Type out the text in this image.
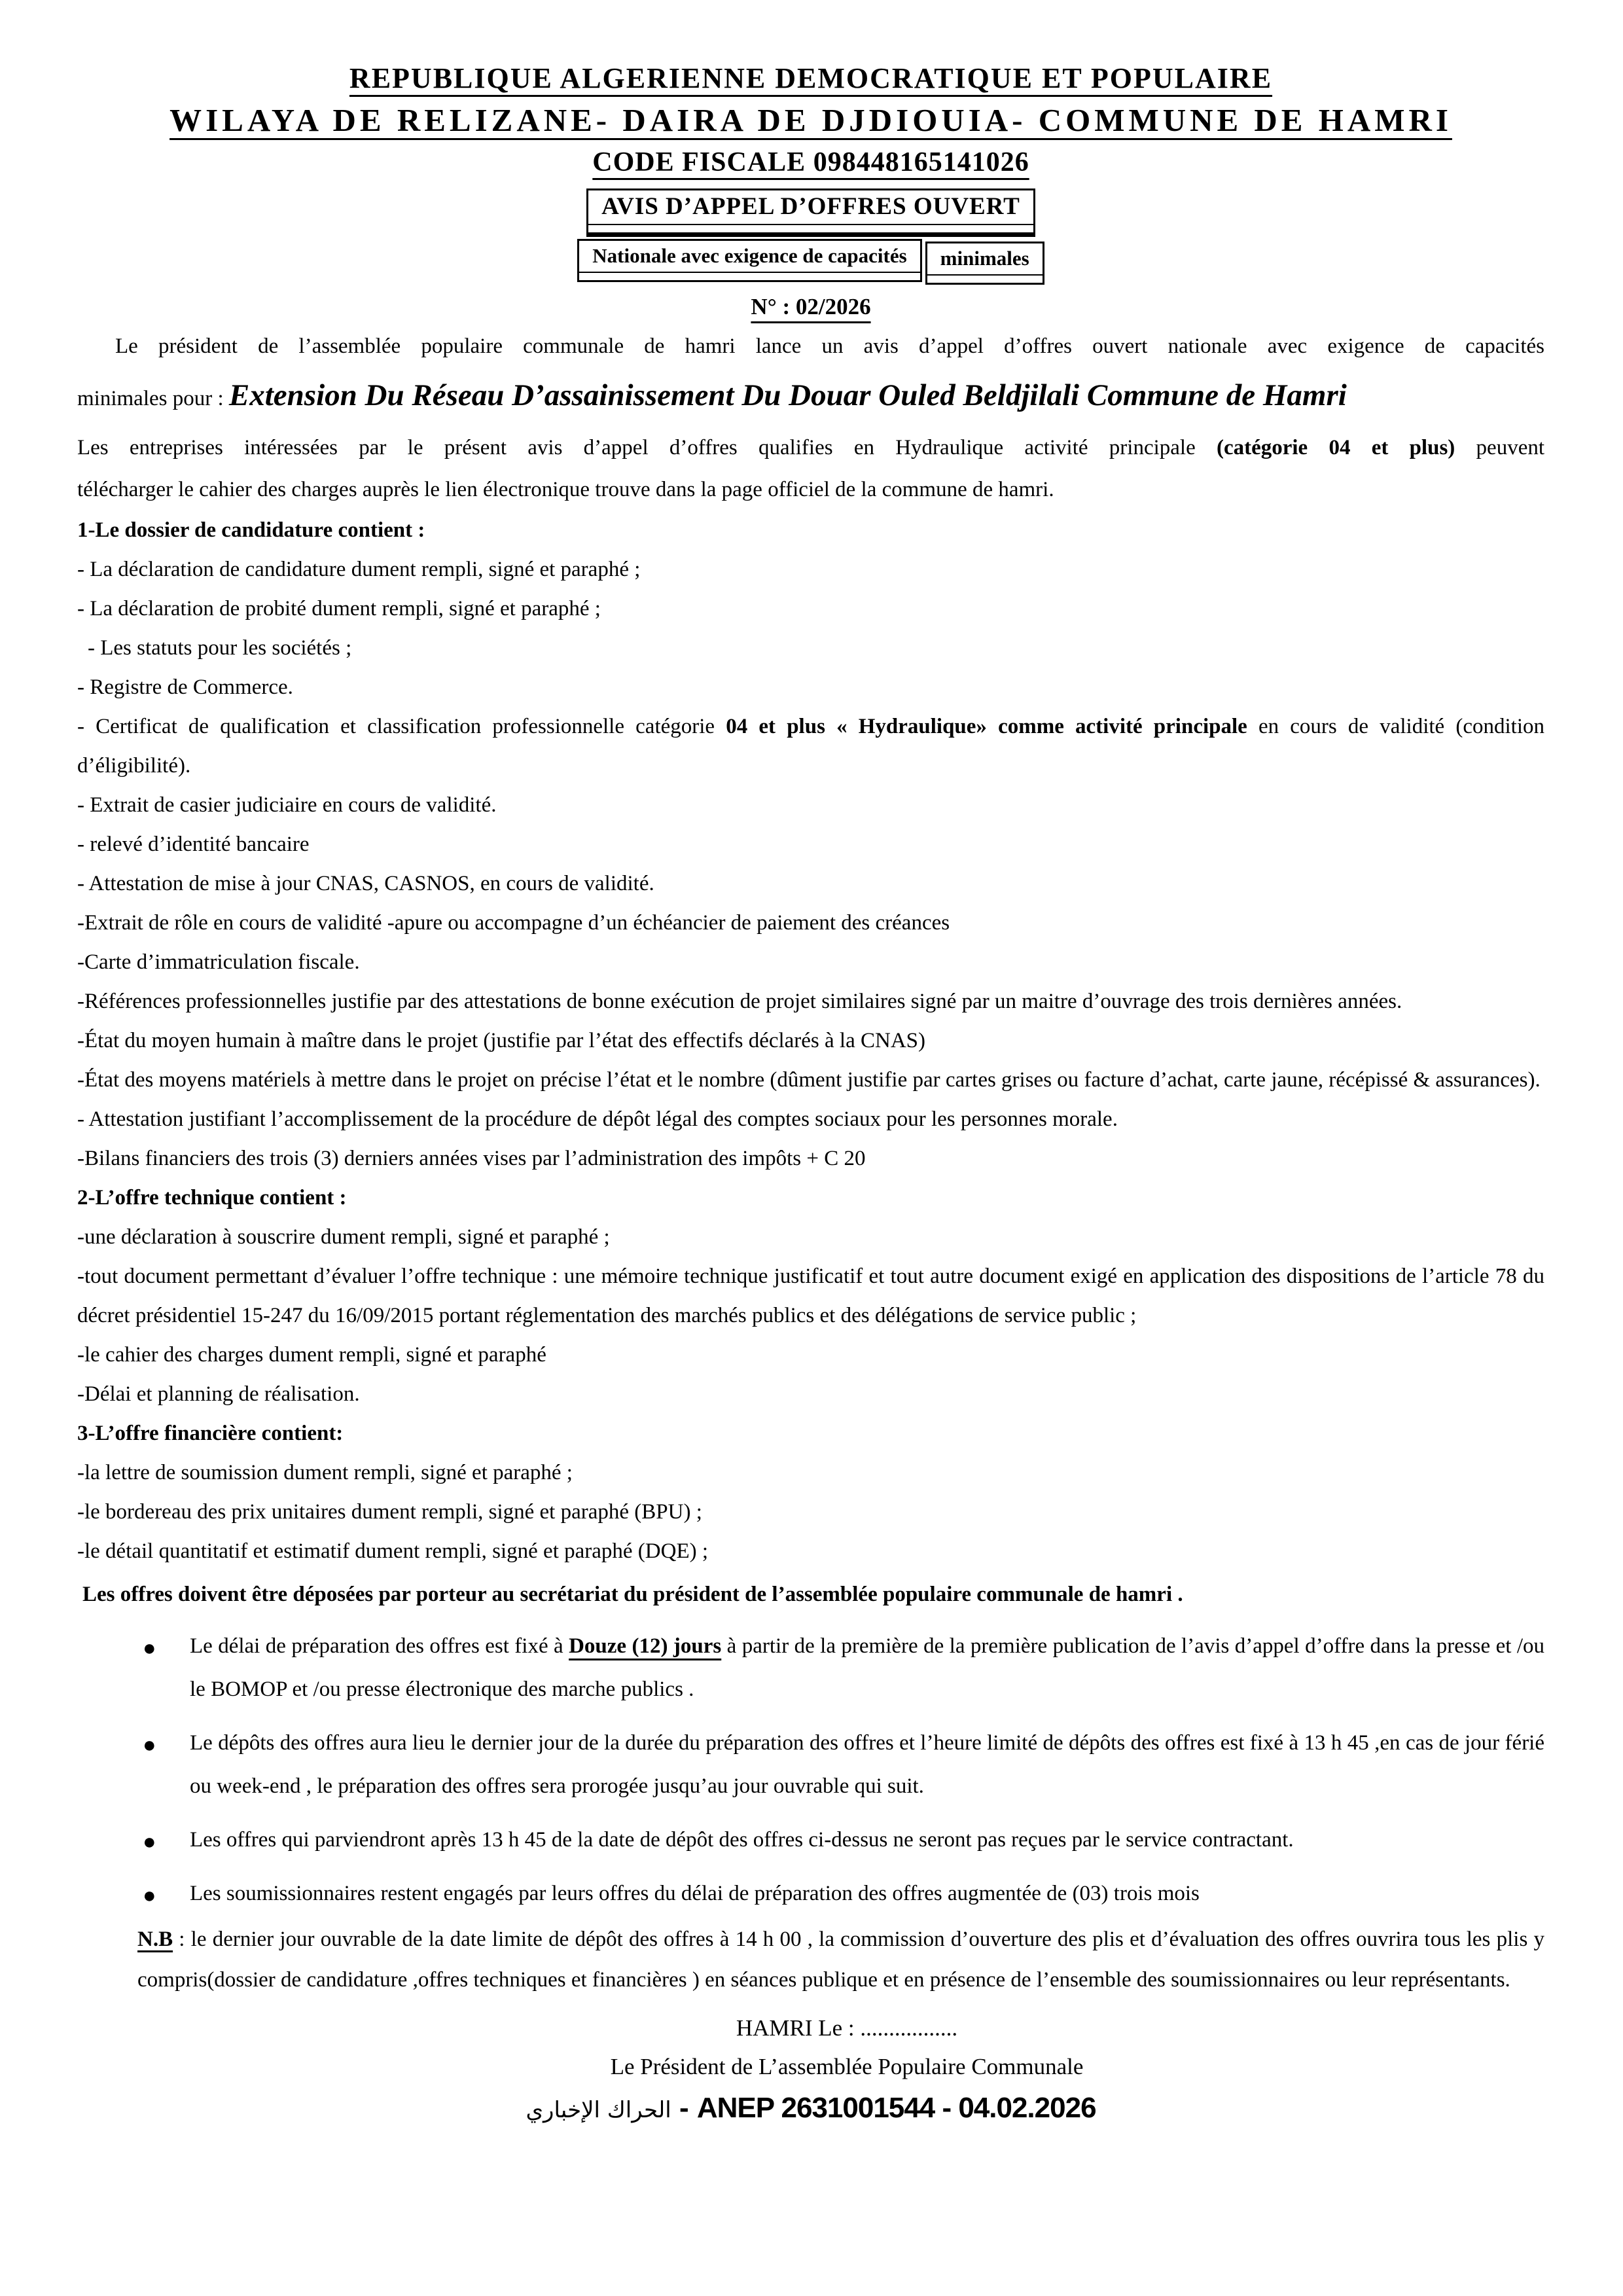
REPUBLIQUE ALGERIENNE DEMOCRATIQUE ET POPULAIRE
WILAYA DE RELIZANE- DAIRA DE DJDIOUIA- COMMUNE DE HAMRI
CODE FISCALE 098448165141026
AVIS D’APPEL D’OFFRES OUVERT
Nationale avec exigence de capacités	minimales
N° : 02/2026
Le président de l’assemblée populaire communale de hamri lance un avis d’appel d’offres ouvert nationale avec exigence de capacités
minimales pour : Extension Du Réseau D’assainissement Du Douar Ouled Beldjilali Commune de Hamri
Les entreprises intéressées par le présent avis d’appel d’offres qualifies en Hydraulique activité principale (catégorie 04 et plus) peuvent
télécharger le cahier des charges auprès le lien électronique trouve dans la page officiel de la commune de hamri.

1-Le dossier de candidature contient :

- La déclaration de candidature dument rempli, signé et paraphé ;

- La déclaration de probité dument rempli, signé et paraphé ;

- Les statuts pour les sociétés ;

- Registre de Commerce.

- Certificat de qualification et classification professionnelle catégorie 04 et plus « Hydraulique» comme activité principale en cours de validité (condition d’éligibilité).

- Extrait de casier judiciaire en cours de validité.

- relevé d’identité bancaire

- Attestation de mise à jour CNAS, CASNOS, en cours de validité.

-Extrait de rôle en cours de validité -apure ou accompagne d’un échéancier de paiement des créances

-Carte d’immatriculation fiscale.

-Références professionnelles justifie par des attestations de bonne exécution de projet similaires signé par un maitre d’ouvrage des trois dernières années.

-État du moyen humain à maître dans le projet (justifie par l’état des effectifs déclarés à la CNAS)

-État des moyens matériels à mettre dans le projet on précise l’état et le nombre (dûment justifie par cartes grises ou facture d’achat, carte jaune, récépissé & assurances).

- Attestation justifiant l’accomplissement de la procédure de dépôt légal des comptes sociaux pour les personnes morale.

-Bilans financiers des trois (3) derniers années vises par l’administration des impôts + C 20

2-L’offre technique contient :

-une déclaration à souscrire dument rempli, signé et paraphé ;

-tout document permettant d’évaluer l’offre technique : une mémoire technique justificatif et tout autre document exigé en application des dispositions de l’article 78 du décret présidentiel 15-247 du 16/09/2015 portant réglementation des marchés publics et des délégations de service public ;

-le cahier des charges dument rempli, signé et paraphé

-Délai et planning de réalisation.

3-L’offre financière contient:

-la lettre de soumission dument rempli, signé et paraphé ;

-le bordereau des prix unitaires dument rempli, signé et paraphé (BPU) ;

-le détail quantitatif et estimatif dument rempli, signé et paraphé (DQE) ;

Les offres doivent être déposées par porteur au secrétariat du président de l’assemblée populaire communale de hamri .

● Le délai de préparation des offres est fixé à Douze (12) jours à partir de la première de la première publication de l’avis d’appel d’offre dans la presse et /ou le BOMOP et /ou presse électronique des marche publics .

● Le dépôts des offres aura lieu le dernier jour de la durée du préparation des offres et l’heure limité de dépôts des offres est fixé à 13 h 45 ,en cas de jour férié ou week-end , le préparation des offres sera prorogée jusqu’au jour ouvrable qui suit.

● Les offres qui parviendront après 13 h 45 de la date de dépôt des offres ci-dessus ne seront pas reçues par le service contractant.

● Les soumissionnaires restent engagés par leurs offres du délai de préparation des offres augmentée de (03) trois mois

N.B : le dernier jour ouvrable de la date limite de dépôt des offres à 14 h 00 , la commission d’ouverture des plis et d’évaluation des offres ouvrira tous les plis y compris(dossier de candidature ,offres techniques et financières ) en séances publique et en présence de l’ensemble des soumissionnaires ou leur représentants.

HAMRI Le : .................
Le Président de L’assemblée Populaire Communale
الحراك الإخباري - ANEP 2631001544 - 04.02.2026
